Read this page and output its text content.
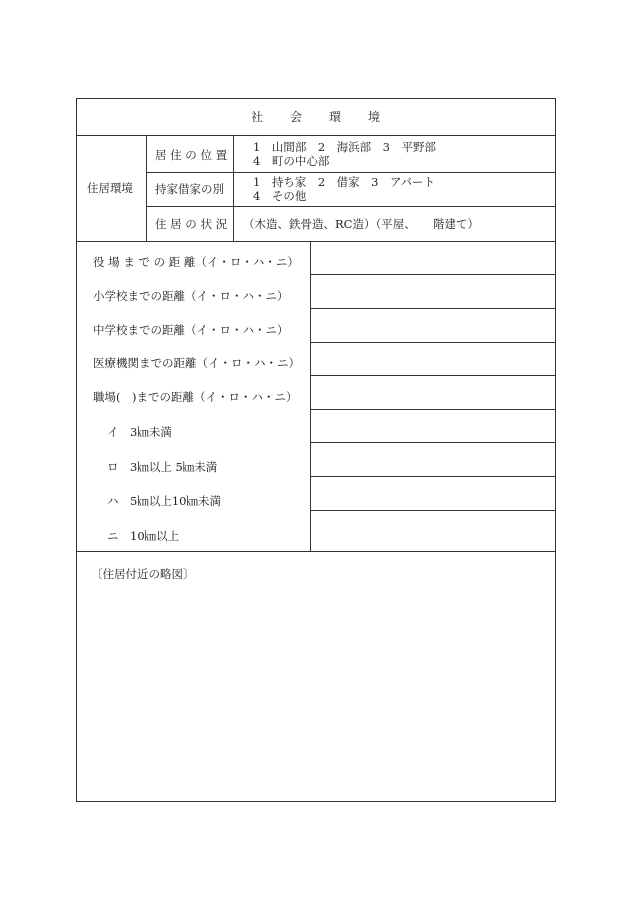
社　　会　　環　　境
住居環境
居 住 の 位 置
1　山間部　2　海浜部　3　平野部
4　町の中心部
持家借家の別	1　持ち家　2　借家　3　アパート
4　その他
住 居 の 状 況 （木造、鉄骨造、RC造）（平屋、　　階建て）
役 場 ま で の 距 離（イ・ロ・ハ・ニ）
小学校までの距離（イ・ロ・ハ・ニ）
中学校までの距離（イ・ロ・ハ・ニ）
医療機関までの距離（イ・ロ・ハ・ニ）
職場(　)までの距離（イ・ロ・ハ・ニ）
イ　3㎞未満
ロ　3㎞以上 5㎞未満
ハ　5㎞以上10㎞未満
ニ　10㎞以上
〔住居付近の略図〕
